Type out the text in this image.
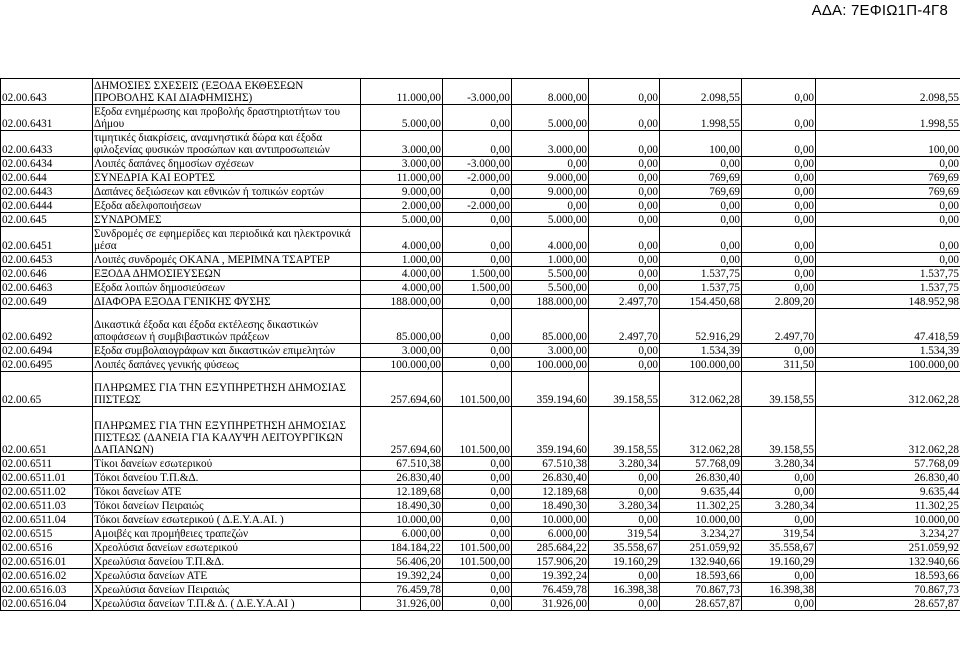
ΑΔΑ: 7ΕΦΙΩ1Π-4Γ8
02.00.643	ΔΗΜΟΣΙΕΣ ΣΧΕΣΕΙΣ (ΕΞΟΔΑ ΕΚΘΕΣΕΩΝ ΠΡΟΒΟΛΗΣ ΚΑΙ ΔΙΑΦΗΜΙΣΗΣ)	11.000,00	-3.000,00	8.000,00	0,00	2.098,55	0,00	2.098,55
02.00.6431	Εξοδα ενημέρωσης και προβολής δραστηριοτήτων του Δήμου	5.000,00	0,00	5.000,00	0,00	1.998,55	0,00	1.998,55
02.00.6433	τιμητικές διακρίσεις, αναμνηστικά δώρα και έξοδα φιλοξενίας φυσικών προσώπων και αντιπροσωπειών	3.000,00	0,00	3.000,00	0,00	100,00	0,00	100,00
02.00.6434	Λοιπές δαπάνες δημοσίων σχέσεων	3.000,00	-3.000,00	0,00	0,00	0,00	0,00	0,00
02.00.644	ΣΥΝΕΔΡΙΑ ΚΑΙ ΕΟΡΤΕΣ	11.000,00	-2.000,00	9.000,00	0,00	769,69	0,00	769,69
02.00.6443	Δαπάνες δεξιώσεων και εθνικών ή τοπικών εορτών	9.000,00	0,00	9.000,00	0,00	769,69	0,00	769,69
02.00.6444	Εξοδα αδελφοποιήσεων	2.000,00	-2.000,00	0,00	0,00	0,00	0,00	0,00
02.00.645	ΣΥΝΔΡΟΜΕΣ	5.000,00	0,00	5.000,00	0,00	0,00	0,00	0,00
02.00.6451	Συνδρομές σε εφημερίδες και περιοδικά και ηλεκτρονικά μέσα	4.000,00	0,00	4.000,00	0,00	0,00	0,00	0,00
02.00.6453	Λοιπές συνδρομές ΟΚΑΝΑ , ΜΕΡΙΜΝΑ ΤΣΑΡΤΕΡ	1.000,00	0,00	1.000,00	0,00	0,00	0,00	0,00
02.00.646	ΕΞΟΔΑ ΔΗΜΟΣΙΕΥΣΕΩΝ	4.000,00	1.500,00	5.500,00	0,00	1.537,75	0,00	1.537,75
02.00.6463	Εξοδα λοιπών δημοσιεύσεων	4.000,00	1.500,00	5.500,00	0,00	1.537,75	0,00	1.537,75
02.00.649	ΔΙΑΦΟΡΑ ΕΞΟΔΑ ΓΕΝΙΚΗΣ ΦΥΣΗΣ	188.000,00	0,00	188.000,00	2.497,70	154.450,68	2.809,20	148.952,98
02.00.6492	Δικαστικά έξοδα και έξοδα εκτέλεσης δικαστικών αποφάσεων ή συμβιβαστικών πράξεων	85.000,00	0,00	85.000,00	2.497,70	52.916,29	2.497,70	47.418,59
02.00.6494	Εξοδα συμβολαιογράφων και δικαστικών επιμελητών	3.000,00	0,00	3.000,00	0,00	1.534,39	0,00	1.534,39
02.00.6495	Λοιπές δαπάνες γενικής φύσεως	100.000,00	0,00	100.000,00	0,00	100.000,00	311,50	100.000,00
02.00.65	ΠΛΗΡΩΜΕΣ ΓΙΑ ΤΗΝ ΕΞΥΠΗΡΕΤΗΣΗ ΔΗΜΟΣΙΑΣ ΠΙΣΤΕΩΣ	257.694,60	101.500,00	359.194,60	39.158,55	312.062,28	39.158,55	312.062,28
02.00.651	ΠΛΗΡΩΜΕΣ ΓΙΑ ΤΗΝ ΕΞΥΠΗΡΕΤΗΣΗ ΔΗΜΟΣΙΑΣ ΠΙΣΤΕΩΣ (ΔΑΝΕΙΑ ΓΙΑ ΚΑΛΥΨΗ ΛΕΙΤΟΥΡΓΙΚΩΝ ΔΑΠΑΝΩΝ)	257.694,60	101.500,00	359.194,60	39.158,55	312.062,28	39.158,55	312.062,28
02.00.6511	Τίκοι δανείων εσωτερικού	67.510,38	0,00	67.510,38	3.280,34	57.768,09	3.280,34	57.768,09
02.00.6511.01	Τόκοι δανείου Τ.Π.&Δ.	26.830,40	0,00	26.830,40	0,00	26.830,40	0,00	26.830,40
02.00.6511.02	Τόκοι δανείων ΑΤΕ	12.189,68	0,00	12.189,68	0,00	9.635,44	0,00	9.635,44
02.00.6511.03	Τόκοι δανείων Πειραιώς	18.490,30	0,00	18.490,30	3.280,34	11.302,25	3.280,34	11.302,25
02.00.6511.04	Τόκοι δανείων εσωτερικού ( Δ.Ε.Υ.Α.ΑΙ. )	10.000,00	0,00	10.000,00	0,00	10.000,00	0,00	10.000,00
02.00.6515	Αμοιβές και προμήθειες τραπεζών	6.000,00	0,00	6.000,00	319,54	3.234,27	319,54	3.234,27
02.00.6516	Χρεολύσια δανείων εσωτερικού	184.184,22	101.500,00	285.684,22	35.558,67	251.059,92	35.558,67	251.059,92
02.00.6516.01	Χρεωλύσια δανείου Τ.Π.&Δ.	56.406,20	101.500,00	157.906,20	19.160,29	132.940,66	19.160,29	132.940,66
02.00.6516.02	Χρεωλύσια δανείων ΑΤΕ	19.392,24	0,00	19.392,24	0,00	18.593,66	0,00	18.593,66
02.00.6516.03	Χρεωλύσια δανείων Πειραιώς	76.459,78	0,00	76.459,78	16.398,38	70.867,73	16.398,38	70.867,73
02.00.6516.04	Χρεωλύσια δανείων Τ.Π.& Δ. ( Δ.Ε.Υ.Α.ΑΙ )	31.926,00	0,00	31.926,00	0,00	28.657,87	0,00	28.657,87
